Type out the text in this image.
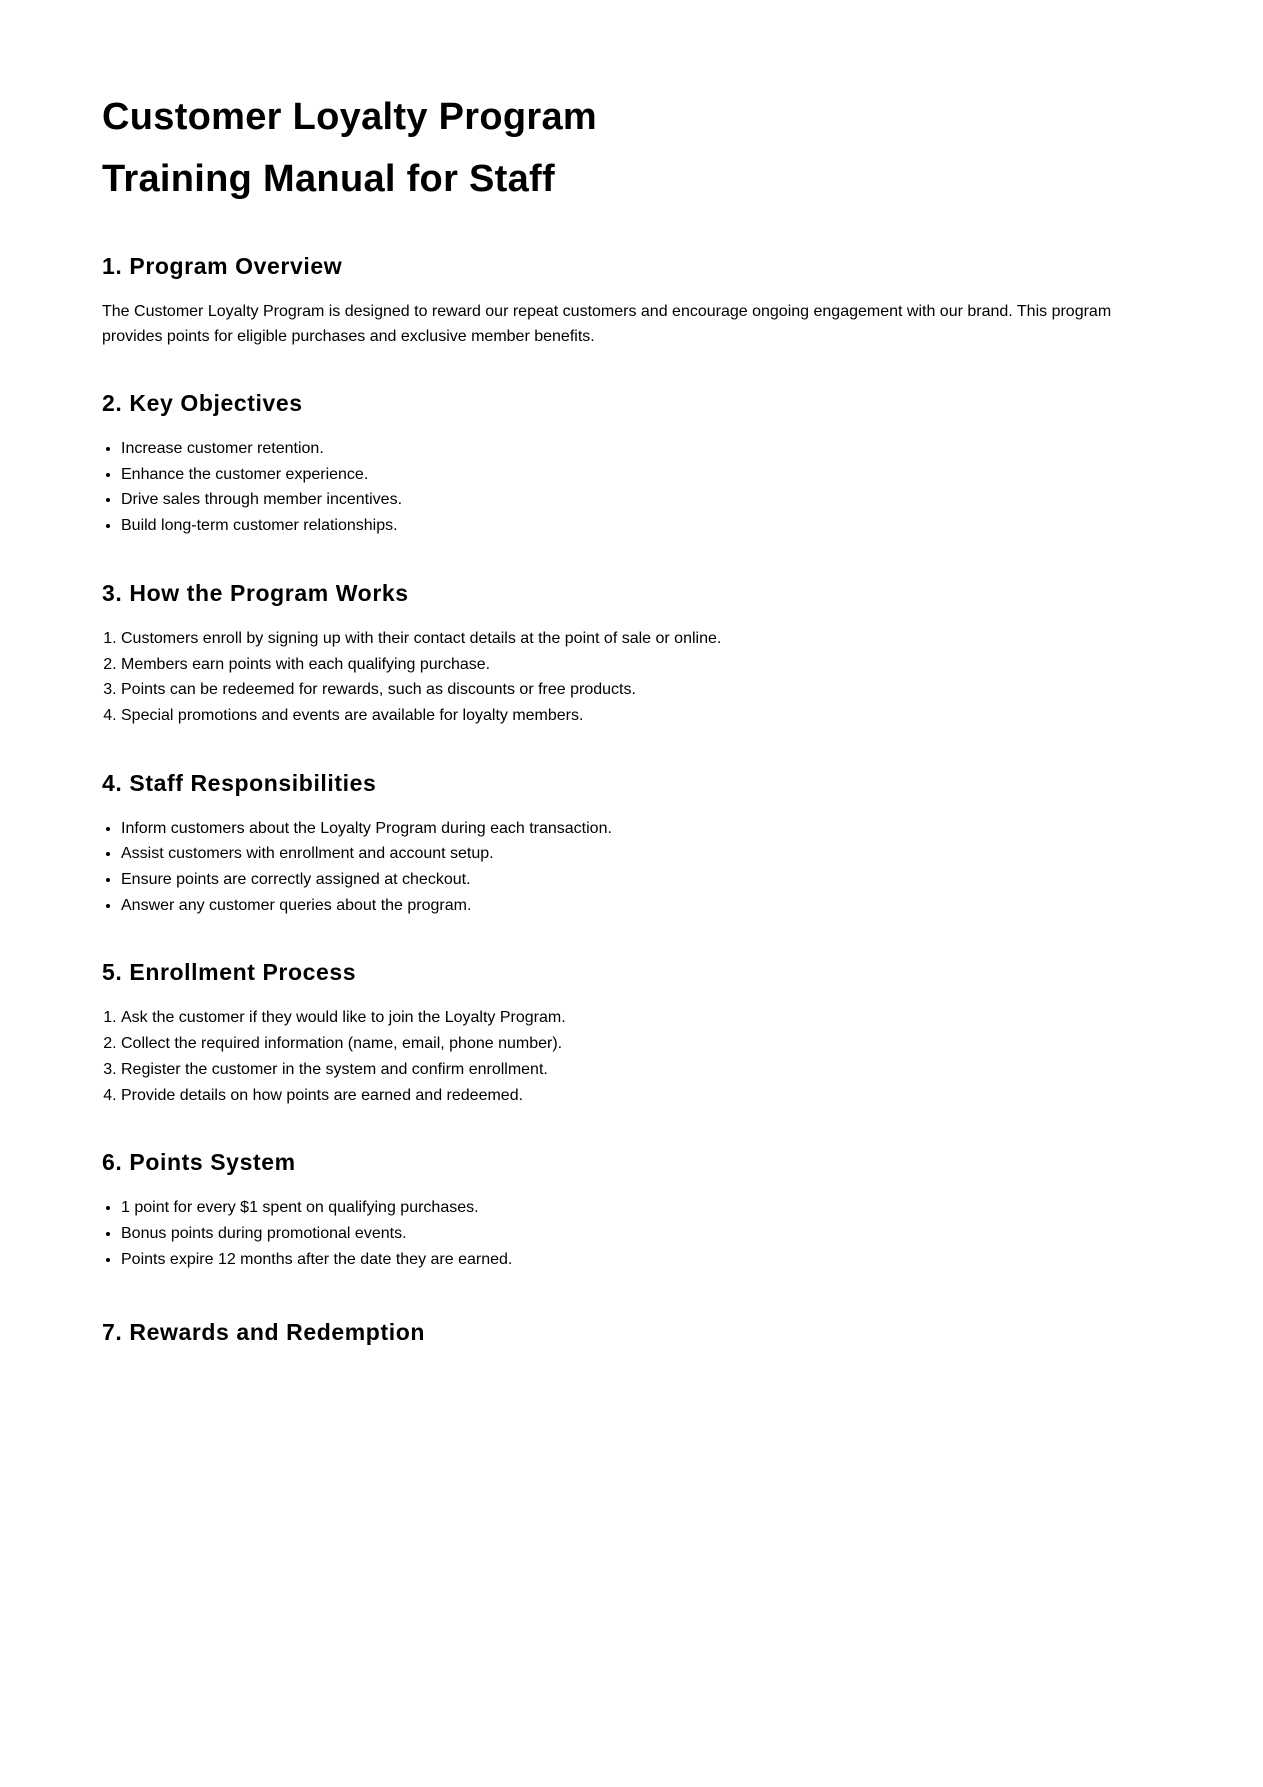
Customer Loyalty Program
Training Manual for Staff
1. Program Overview

The Customer Loyalty Program is designed to reward our repeat customers and encourage ongoing engagement with our brand. This program provides points for eligible purchases and exclusive member benefits.

2. Key Objectives
• Increase customer retention.
• Enhance the customer experience.
• Drive sales through member incentives.
• Build long-term customer relationships.
3. How the Program Works
1. Customers enroll by signing up with their contact details at the point of sale or online.
2. Members earn points with each qualifying purchase.
3. Points can be redeemed for rewards, such as discounts or free products.
4. Special promotions and events are available for loyalty members.
4. Staff Responsibilities
• Inform customers about the Loyalty Program during each transaction.
• Assist customers with enrollment and account setup.
• Ensure points are correctly assigned at checkout.
• Answer any customer queries about the program.
5. Enrollment Process
1. Ask the customer if they would like to join the Loyalty Program.
2. Collect the required information (name, email, phone number).
3. Register the customer in the system and confirm enrollment.
4. Provide details on how points are earned and redeemed.
6. Points System
• 1 point for every $1 spent on qualifying purchases.
• Bonus points during promotional events.
• Points expire 12 months after the date they are earned.
7. Rewards and Redemption
